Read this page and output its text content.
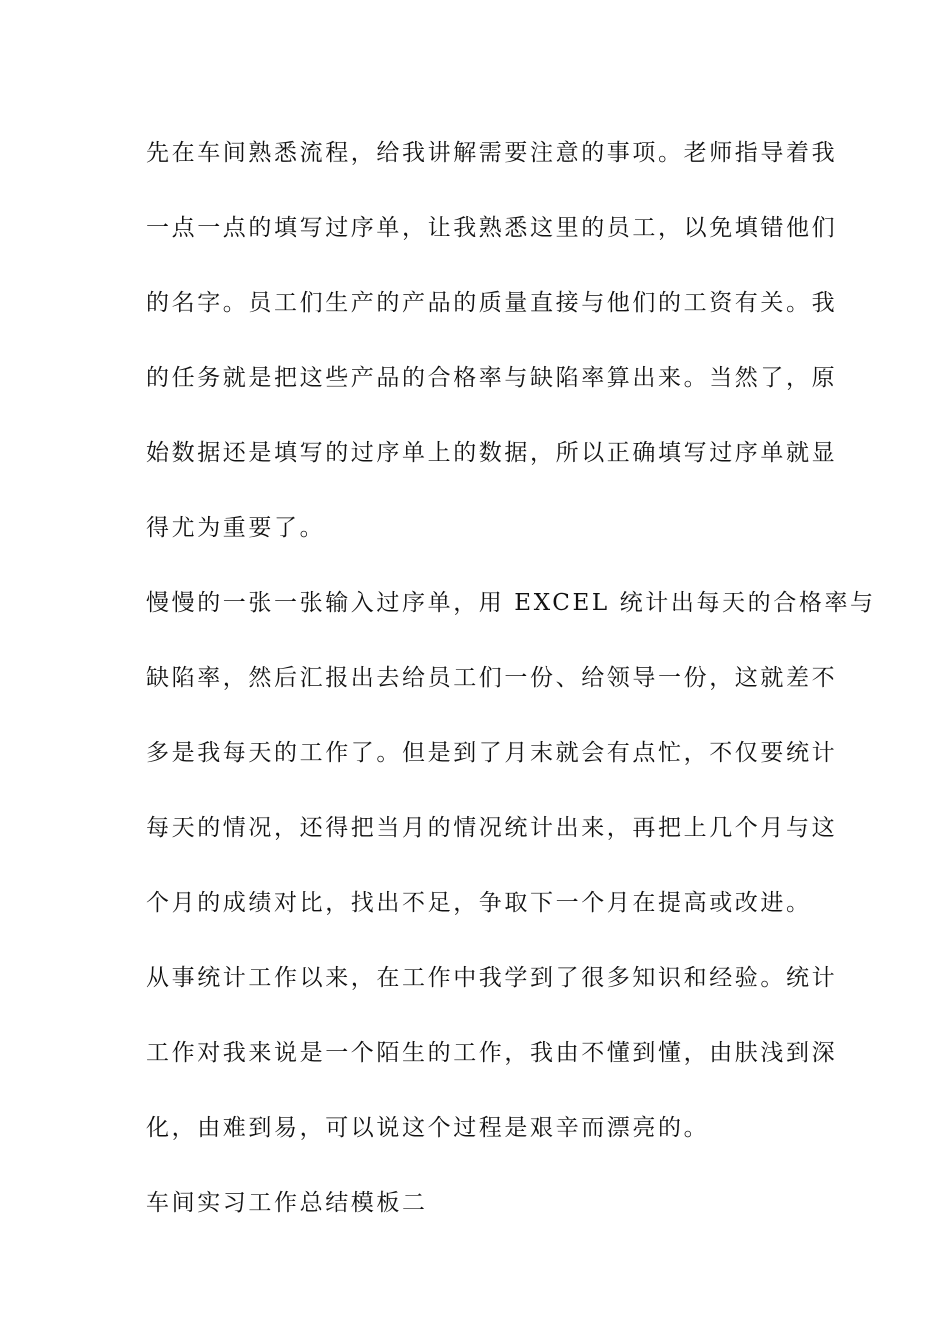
先在车间熟悉流程，给我讲解需要注意的事项。老师指导着我
一点一点的填写过序单，让我熟悉这里的员工，以免填错他们
的名字。员工们生产的产品的质量直接与他们的工资有关。我
的任务就是把这些产品的合格率与缺陷率算出来。当然了，原
始数据还是填写的过序单上的数据，所以正确填写过序单就显
得尤为重要了。
慢慢的一张一张输入过序单，用 EXCEL 统计出每天的合格率与
缺陷率，然后汇报出去给员工们一份、给领导一份，这就差不
多是我每天的工作了。但是到了月末就会有点忙，不仅要统计
每天的情况，还得把当月的情况统计出来，再把上几个月与这
个月的成绩对比，找出不足，争取下一个月在提高或改进。
从事统计工作以来，在工作中我学到了很多知识和经验。统计
工作对我来说是一个陌生的工作，我由不懂到懂，由肤浅到深
化，由难到易，可以说这个过程是艰辛而漂亮的。
车间实习工作总结模板二
